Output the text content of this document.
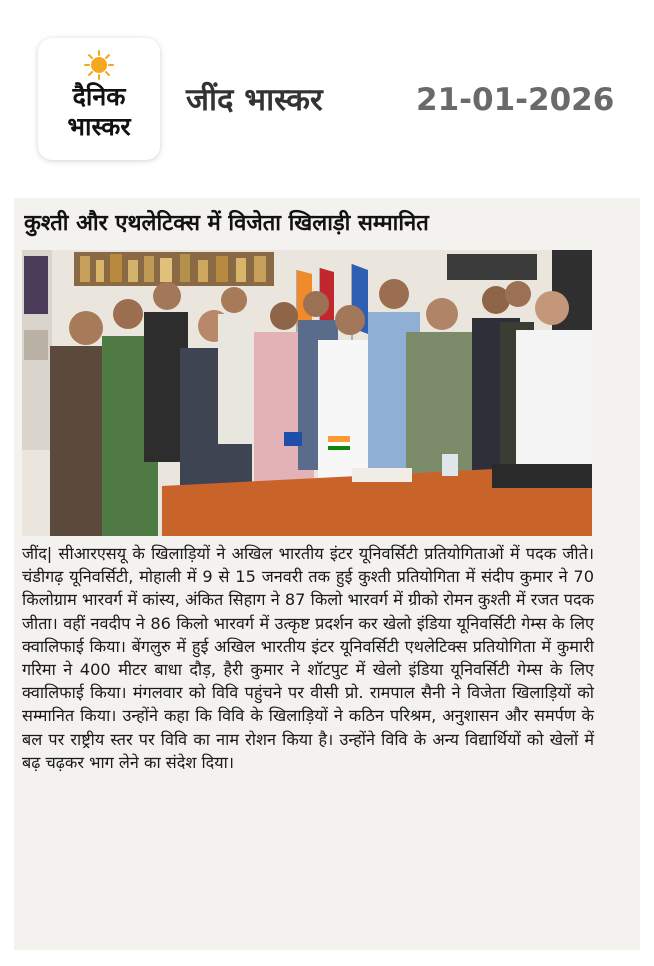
दैनिक
भास्कर
जींद भास्कर	21-01-2026
कुश्ती और एथलेटिक्स में विजेता खिलाड़ी सम्मानित
जींद| सीआरएसयू के खिलाड़ियों ने अखिल भारतीय इंटर यूनिवर्सिटी प्रतियोगिताओं में पदक जीते। चंडीगढ़ यूनिवर्सिटी, मोहाली में 9 से 15 जनवरी तक हुई कुश्ती प्रतियोगिता में संदीप कुमार ने 70 किलोग्राम भारवर्ग में कांस्य, अंकित सिहाग ने 87 किलो भारवर्ग में ग्रीको रोमन कुश्ती में रजत पदक जीता। वहीं नवदीप ने 86 किलो भारवर्ग में उत्कृष्ट प्रदर्शन कर खेलो इंडिया यूनिवर्सिटी गेम्स के लिए क्वालिफाई किया। बेंगलुरु में हुई अखिल भारतीय इंटर यूनिवर्सिटी एथलेटिक्स प्रतियोगिता में कुमारी गरिमा ने 400 मीटर बाधा दौड़, हैरी कुमार ने शॉटपुट में खेलो इंडिया यूनिवर्सिटी गेम्स के लिए क्वालिफाई किया। मंगलवार को विवि पहुंचने पर वीसी प्रो. रामपाल सैनी ने विजेता खिलाड़ियों को सम्मानित किया। उन्होंने कहा कि विवि के खिलाड़ियों ने कठिन परिश्रम, अनुशासन और समर्पण के बल पर राष्ट्रीय स्तर पर विवि का नाम रोशन किया है। उन्होंने विवि के अन्य विद्यार्थियों को खेलों में बढ़ चढ़कर भाग लेने का संदेश दिया।
